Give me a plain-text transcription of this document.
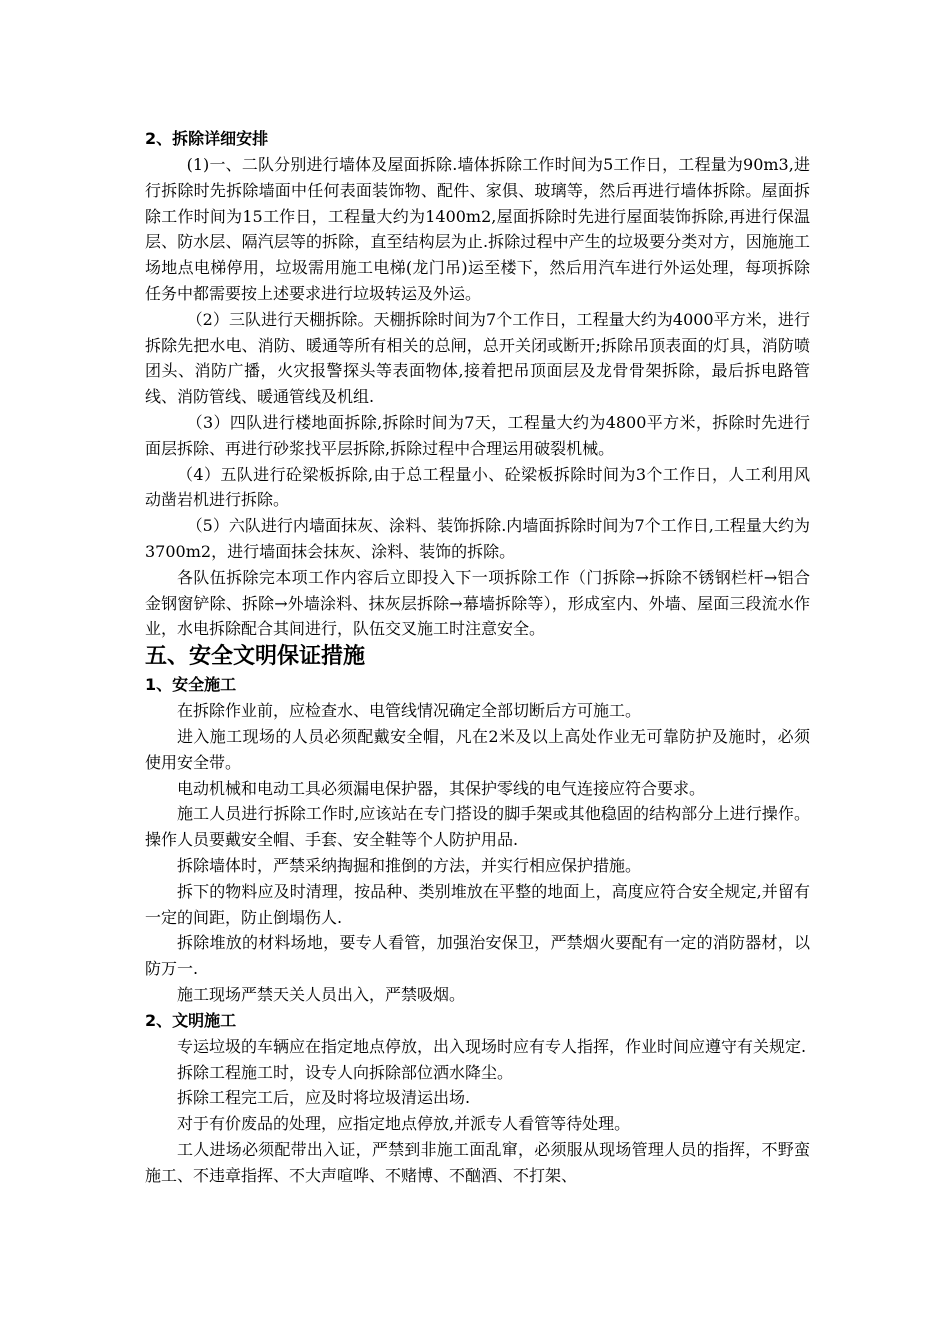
2、拆除详细安排

(1)一、二队分别进行墙体及屋面拆除.墙体拆除工作时间为5工作日，工程量为90m3,进行拆除时先拆除墙面中任何表面装饰物、配件、家俱、玻璃等，然后再进行墙体拆除。屋面拆除工作时间为15工作日，工程量大约为1400m2,屋面拆除时先进行屋面装饰拆除,再进行保温层、防水层、隔汽层等的拆除，直至结构层为止.拆除过程中产生的垃圾要分类对方，因施施工场地点电梯停用，垃圾需用施工电梯(龙门吊)运至楼下，然后用汽车进行外运处理，每项拆除任务中都需要按上述要求进行垃圾转运及外运。

（2）三队进行天棚拆除。天棚拆除时间为7个工作日，工程量大约为4000平方米，进行拆除先把水电、消防、暖通等所有相关的总闸，总开关闭或断开;拆除吊顶表面的灯具，消防喷团头、消防广播，火灾报警探头等表面物体,接着把吊顶面层及龙骨骨架拆除，最后拆电路管线、消防管线、暖通管线及机组.

（3）四队进行楼地面拆除,拆除时间为7天，工程量大约为4800平方米，拆除时先进行面层拆除、再进行砂浆找平层拆除,拆除过程中合理运用破裂机械。

（4）五队进行砼梁板拆除,由于总工程量小、砼梁板拆除时间为3个工作日，人工利用风动凿岩机进行拆除。

（5）六队进行内墙面抹灰、涂料、装饰拆除.内墙面拆除时间为7个工作日,工程量大约为3700m2，进行墙面抹会抹灰、涂料、装饰的拆除。

各队伍拆除完本项工作内容后立即投入下一项拆除工作（门拆除→拆除不锈钢栏杆→铝合金钢窗铲除、拆除→外墙涂料、抹灰层拆除→幕墙拆除等），形成室内、外墙、屋面三段流水作业，水电拆除配合其间进行，队伍交叉施工时注意安全。

五、安全文明保证措施

1、安全施工

在拆除作业前，应检查水、电管线情况确定全部切断后方可施工。

进入施工现场的人员必须配戴安全帽，凡在2米及以上高处作业无可靠防护及施时，必须使用安全带。

电动机械和电动工具必须漏电保护器，其保护零线的电气连接应符合要求。

施工人员进行拆除工作时,应该站在专门搭设的脚手架或其他稳固的结构部分上进行操作。操作人员要戴安全帽、手套、安全鞋等个人防护用品.

拆除墙体时，严禁采纳掏掘和推倒的方法，并实行相应保护措施。

拆下的物料应及时清理，按品种、类别堆放在平整的地面上，高度应符合安全规定,并留有一定的间距，防止倒塌伤人.

拆除堆放的材料场地，要专人看管，加强治安保卫，严禁烟火要配有一定的消防器材，以防万一.

施工现场严禁天关人员出入，严禁吸烟。

2、文明施工

专运垃圾的车辆应在指定地点停放，出入现场时应有专人指挥，作业时间应遵守有关规定.

拆除工程施工时，设专人向拆除部位洒水降尘。

拆除工程完工后，应及时将垃圾清运出场.

对于有价废品的处理，应指定地点停放,并派专人看管等待处理。

工人进场必须配带出入证，严禁到非施工面乱窜，必须服从现场管理人员的指挥，不野蛮施工、不违章指挥、不大声喧哗、不赌博、不酗酒、不打架、
